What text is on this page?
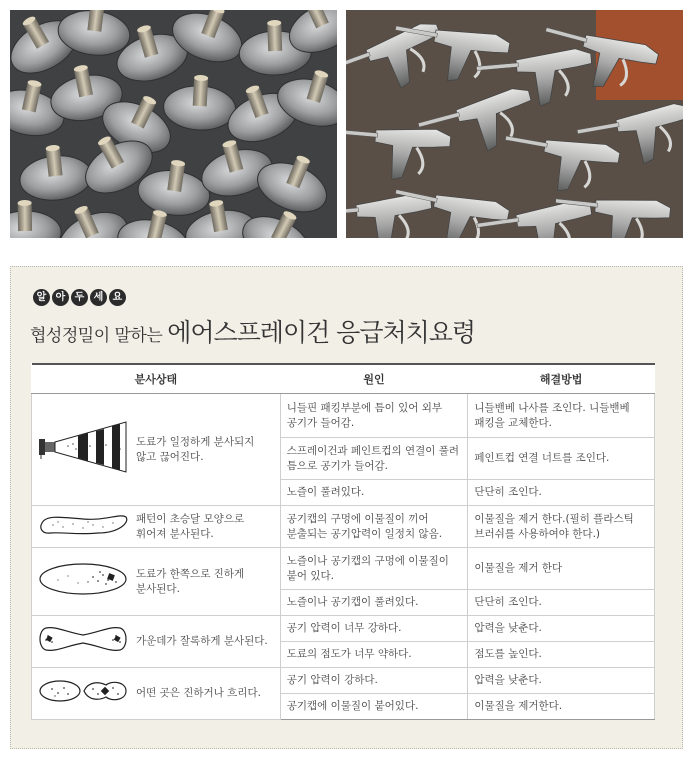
알 아 두 세 요
협성정밀이 말하는 에어스프레이건 응급처치요령
분사상태	원인	해결방법

도료가 일정하게 분사되지
않고 끊어진다.	니들핀 패킹부분에 틈이 있어 외부
공기가 들어감.	니들밴베 나사를 조인다. 니들밴베
패킹을 교체한다.
	스프레이건과 페인트컵의 연결이 풀려
틈으로 공기가 들어감.	페인트컵 연결 너트를 조인다.
	노즐이 풀려있다.	단단히 조인다.

패턴이 초승달 모양으로
휘어져 분사된다.	공기캡의 구멍에 이물질이 끼어
분출되는 공기압력이 일정치 않음.	이물질을 제거 한다.(필히 플라스틱
브러쉬를 사용하여야 한다.)

도료가 한쪽으로 진하게
분사된다.	노즐이나 공기캡의 구멍에 이물질이
붙어 있다.	이물질을 제거 한다
	노즐이나 공기캡이 풀려있다.	단단히 조인다.

가운데가 잘록하게 분사된다.	공기 압력이 너무 강하다.	압력을 낮춘다.
	도료의 점도가 너무 약하다.	점도를 높인다.

어떤 곳은 진하거나 흐리다.	공기 압력이 강하다.	압력을 낮춘다.
	공기캡에 이물질이 붙어있다.	이물질을 제거한다.
